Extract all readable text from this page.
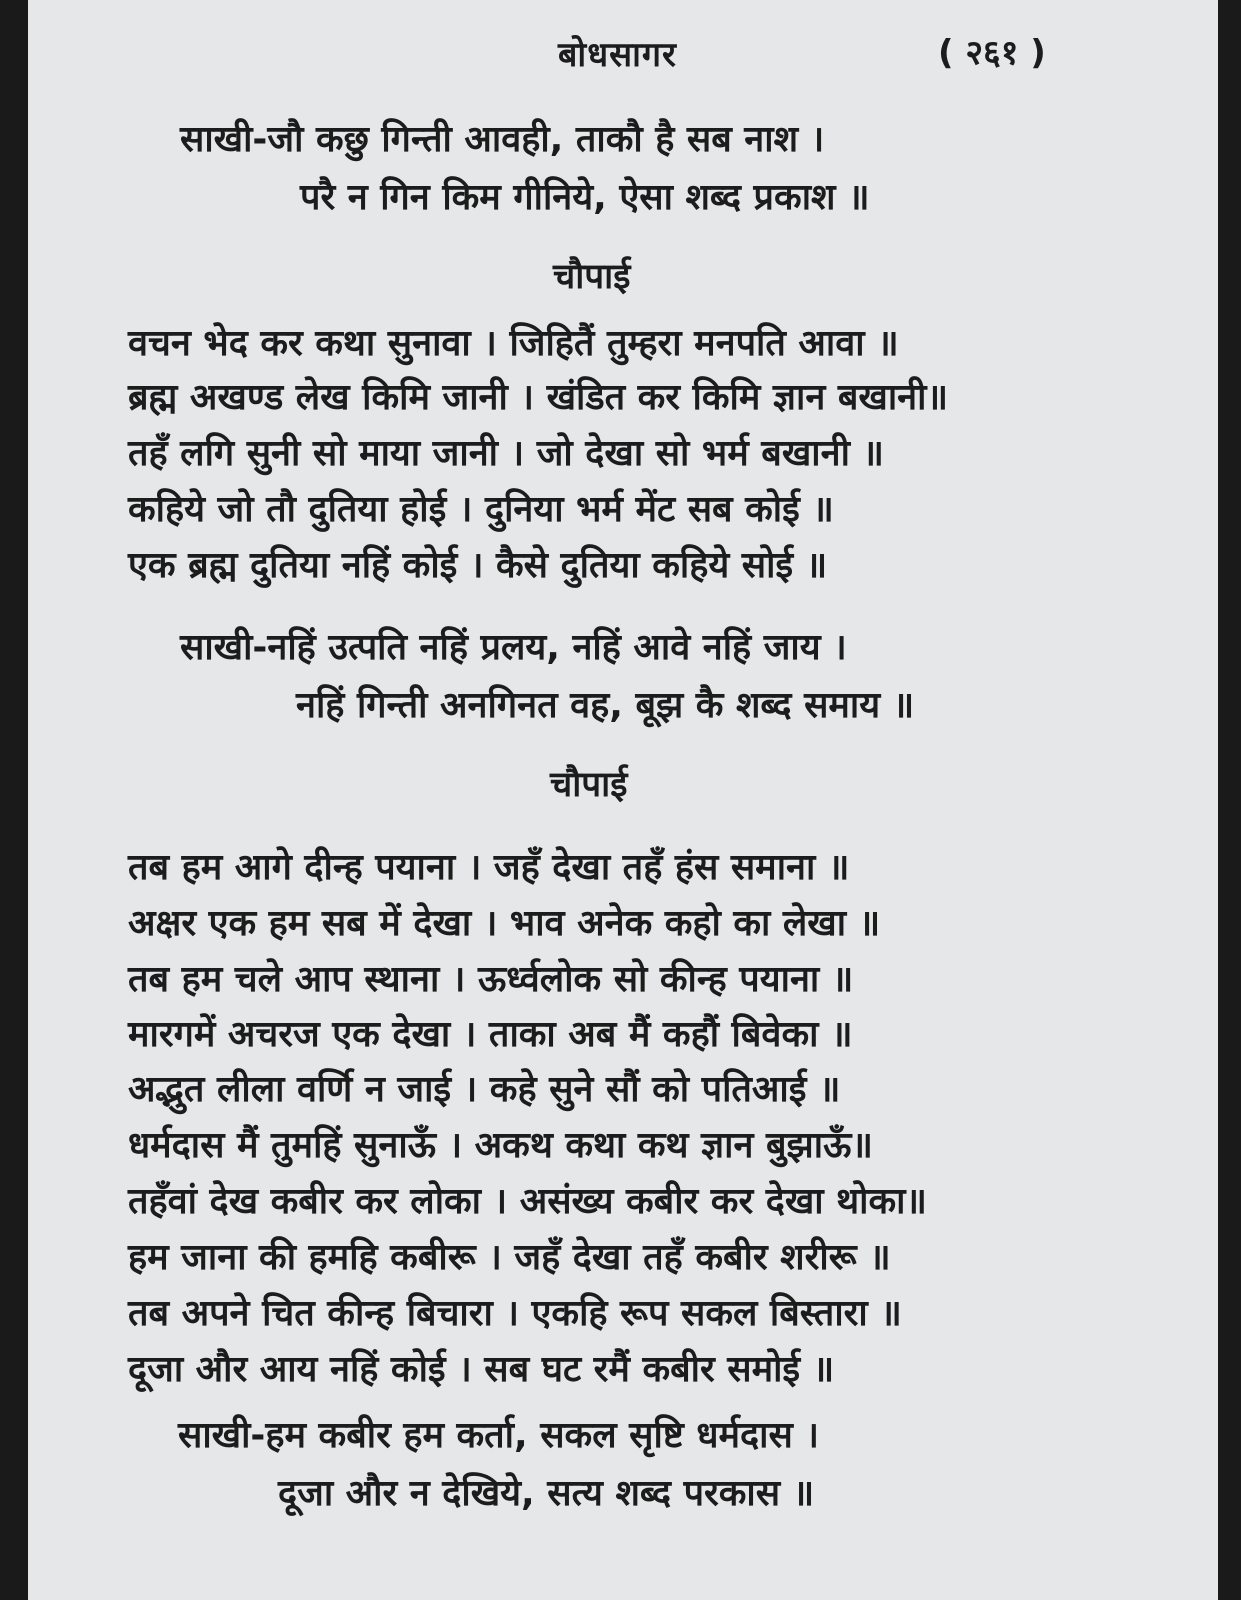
बोधसागर	( २६१ )
साखी-जौ कछु गिन्ती आवही, ताकौ है सब नाश ।
परै न गिन किम गीनिये, ऐसा शब्द प्रकाश ॥
चौपाई
वचन भेद कर कथा सुनावा । जिहितैं तुम्हरा मनपति आवा ॥
ब्रह्म अखण्ड लेख किमि जानी । खंडित कर किमि ज्ञान बखानी॥
तहँ लगि सुनी सो माया जानी । जो देखा सो भर्म बखानी ॥
कहिये जो तौ दुतिया होई । दुनिया भर्म मेंट सब कोई ॥
एक ब्रह्म दुतिया नहिं कोई । कैसे दुतिया कहिये सोई ॥
साखी-नहिं उत्पति नहिं प्रलय, नहिं आवे नहिं जाय ।
नहिं गिन्ती अनगिनत वह, बूझ कै शब्द समाय ॥
चौपाई
तब हम आगे दीन्ह पयाना । जहँ देखा तहँ हंस समाना ॥
अक्षर एक हम सब में देखा । भाव अनेक कहो का लेखा ॥
तब हम चले आप स्थाना । ऊर्ध्वलोक सो कीन्ह पयाना ॥
मारगमें अचरज एक देखा । ताका अब मैं कहौं बिवेका ॥
अद्भुत लीला वर्णि न जाई । कहे सुने सौं को पतिआई ॥
धर्मदास मैं तुमहिं सुनाऊँ । अकथ कथा कथ ज्ञान बुझाऊँ॥
तहँवां देख कबीर कर लोका । असंख्य कबीर कर देखा थोका॥
हम जाना की हमहि कबीरू । जहँ देखा तहँ कबीर शरीरू ॥
तब अपने चित कीन्ह बिचारा । एकहि रूप सकल बिस्तारा ॥
दूजा और आय नहिं कोई । सब घट रमैं कबीर समोई ॥
साखी-हम कबीर हम कर्ता, सकल सृष्टि धर्मदास ।
दूजा और न देखिये, सत्य शब्द परकास ॥
